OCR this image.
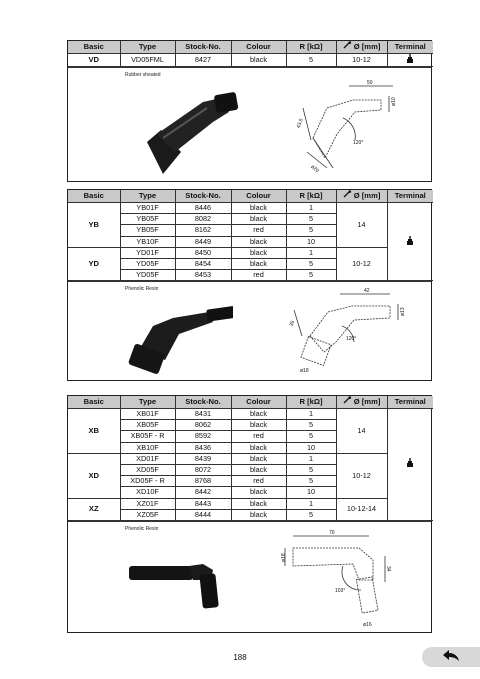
Basic	Type	Stock-No.	Colour	R [kΩ]	Ø [mm]	Terminal
VD	VD05FML	8427	black	5	10-12	
Rubber sheated
50
ø10
43,5
120°
ø20
Basic	Type	Stock-No.	Colour	R [kΩ]	Ø [mm]	Terminal
YB	YB01F	8446	black	1	14	
	YB05F	8082	black	5		
	YB05F	8162	red	5		
	YB10F	8449	black	10		
YD	YD01F	8450	black	1	10-12	
	YD05F	8454	black	5		
	YD05F	8453	red	5		
Phenolic Resin	42
ø13
35
120°
ø18
Basic	Type	Stock-No.	Colour	R [kΩ]	Ø [mm]	Terminal
XB	XB01F	8431	black	1	14	
	XB05F	8062	black	5		
	XB05F - R	8592	red	5		
	XB10F	8436	black	10		
XD	XD01F	8439	black	1	10-12	
	XD05F	8072	black	5		
	XD05F - R	8768	red	5		
	XD10F	8442	black	10		
XZ	XZ01F	8443	black	1	10-12-14	
	XZ05F	8444	black	5		
Phenolic Resin
70
ø18
34
103°
ø16
188
